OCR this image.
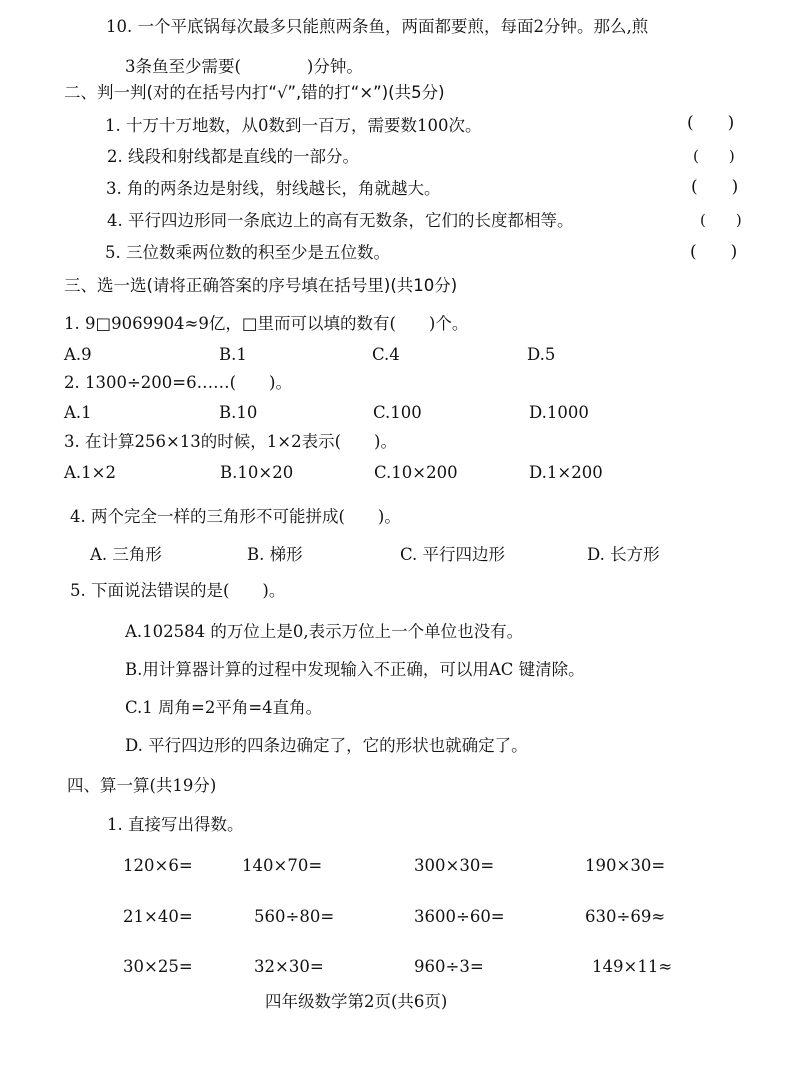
10. 一个平底锅每次最多只能煎两条鱼，两面都要煎，每面2分钟。那么,煎
3条鱼至少需要(　　　　)分钟。
二、判一判(对的在括号内打“√”,错的打“×”)(共5分)
1. 十万十万地数，从0数到一百万，需要数100次。	(　　)
2. 线段和射线都是直线的一部分。	(　　)
3. 角的两条边是射线，射线越长，角就越大。	(　　)
4. 平行四边形同一条底边上的高有无数条，它们的长度都相等。	(　　)
5. 三位数乘两位数的积至少是五位数。	(　　)
三、选一选(请将正确答案的序号填在括号里)(共10分)
1. 9□9069904≈9亿，□里而可以填的数有(　　)个。
A.9	B.1	C.4	D.5
2. 1300÷200=6……(　　)。
A.1	B.10	C.100	D.1000
3. 在计算256×13的时候，1×2表示(　　)。
A.1×2	B.10×20	C.10×200	D.1×200
4. 两个完全一样的三角形不可能拼成(　　)。
A. 三角形	B. 梯形	C. 平行四边形	D. 长方形
5. 下面说法错误的是(　　)。
A.102584 的万位上是0,表示万位上一个单位也没有。
B.用计算器计算的过程中发现输入不正确，可以用AC 键清除。
C.1 周角=2平角=4直角。
D. 平行四边形的四条边确定了，它的形状也就确定了。
四、算一算(共19分)
1. 直接写出得数。
120×6=	140×70=	300×30=	190×30=
21×40=	560÷80=	3600÷60=	630÷69≈
30×25=	32×30=	960÷3=	149×11≈
四年级数学第2页(共6页)
